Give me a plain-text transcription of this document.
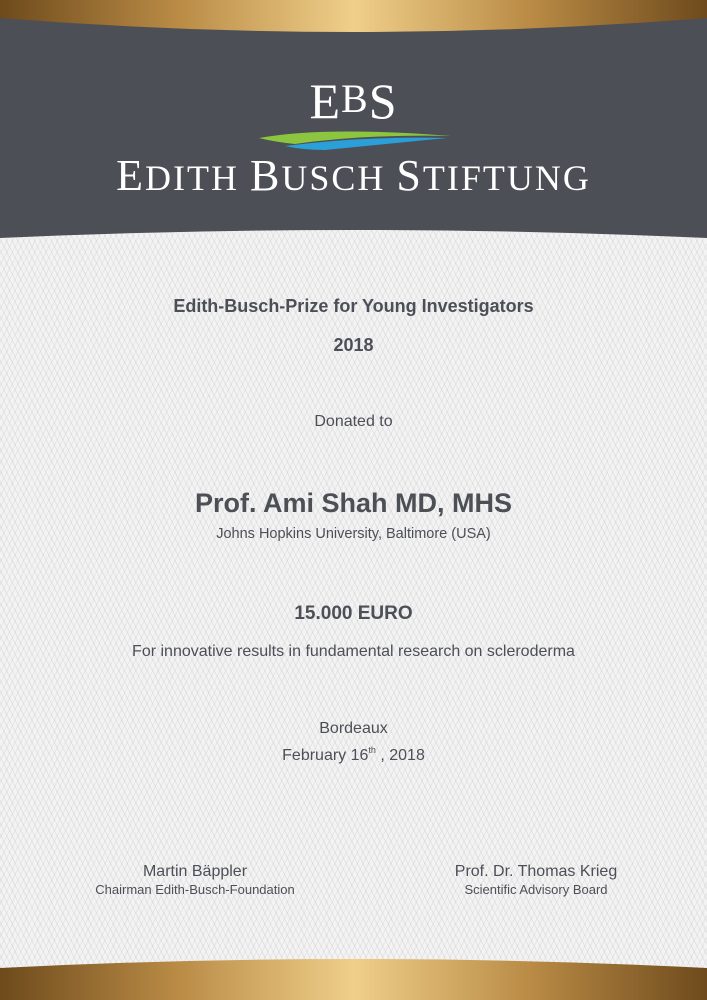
EBS
EDITH BUSCH STIFTUNG
Edith-Busch-Prize for Young Investigators
2018
Donated to
Prof. Ami Shah MD, MHS
Johns Hopkins University, Baltimore (USA)
15.000 EURO
For innovative results in fundamental research on scleroderma
Bordeaux
February 16th , 2018
Martin Bäppler
Chairman Edith-Busch-Foundation
Prof. Dr. Thomas Krieg
Scientific Advisory Board
